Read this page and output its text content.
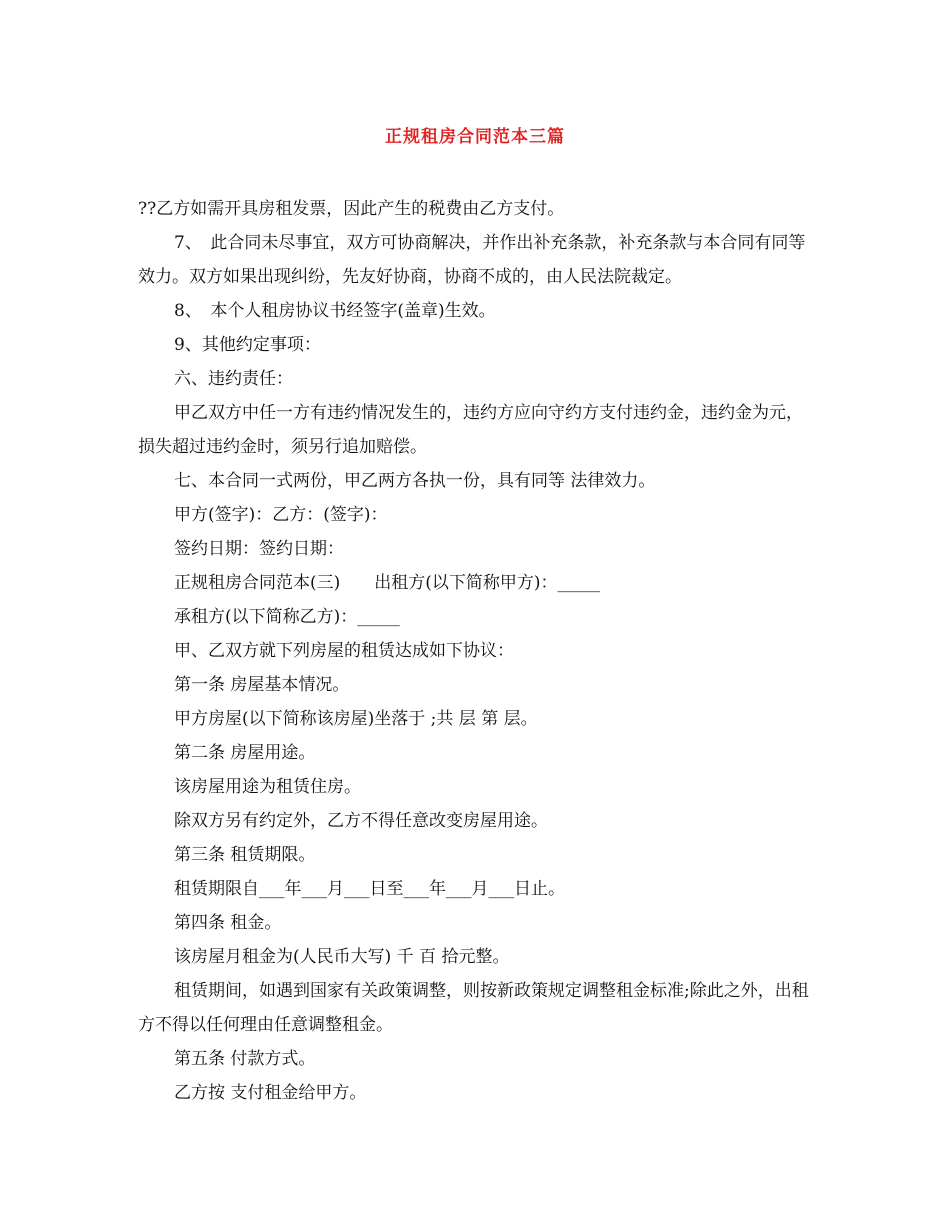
正规租房合同范本三篇

??乙方如需开具房租发票，因此产生的税费由乙方支付。

7、　此合同未尽事宜，双方可协商解决，并作出补充条款，补充条款与本合同有同等效力。双方如果出现纠纷，先友好协商，协商不成的，由人民法院裁定。

8、　本个人租房协议书经签字(盖章)生效。

9、其他约定事项：

六、违约责任：

甲乙双方中任一方有违约情况发生的，违约方应向守约方支付违约金，违约金为元，损失超过违约金时，须另行追加赔偿。

七、本合同一式两份，甲乙两方各执一份，具有同等 法律效力。

甲方(签字)：乙方：(签字)：

签约日期：签约日期：

正规租房合同范本(三)　　出租方(以下简称甲方)：_____

承租方(以下简称乙方)：_____

甲、乙双方就下列房屋的租赁达成如下协议：

第一条 房屋基本情况。

甲方房屋(以下简称该房屋)坐落于 ;共 层 第 层。

第二条 房屋用途。

该房屋用途为租赁住房。

除双方另有约定外，乙方不得任意改变房屋用途。

第三条 租赁期限。

租赁期限自___年___月___日至___年___月___日止。

第四条 租金。

该房屋月租金为(人民币大写) 千 百 拾元整。

租赁期间，如遇到国家有关政策调整，则按新政策规定调整租金标准;除此之外，出租方不得以任何理由任意调整租金。

第五条 付款方式。

乙方按 支付租金给甲方。
